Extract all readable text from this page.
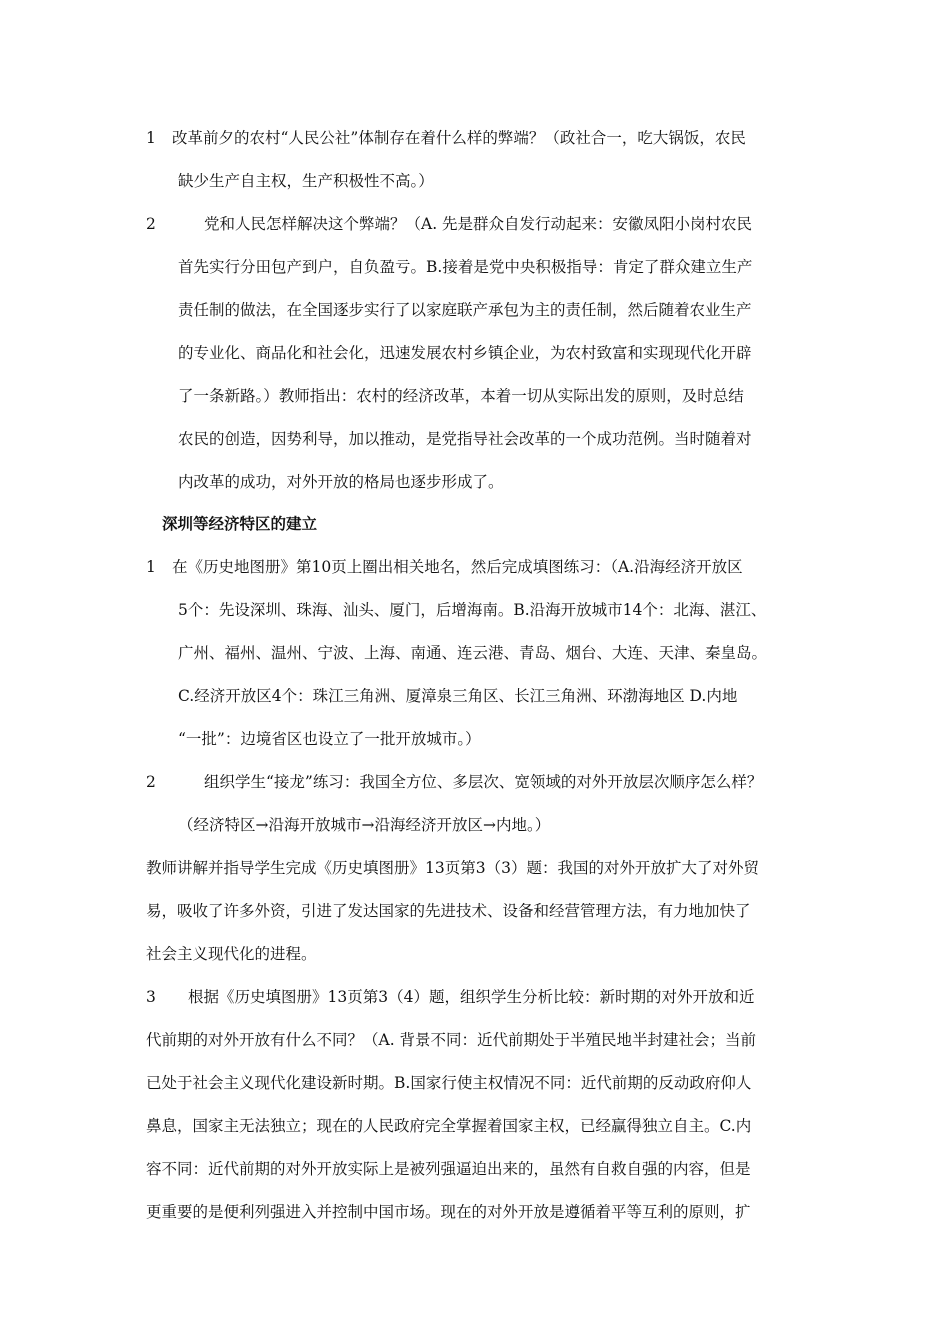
1 改革前夕的农村“人民公社”体制存在着什么样的弊端？（政社合一，吃大锅饭，农民
缺少生产自主权，生产积极性不高。）
2	党和人民怎样解决这个弊端？（A. 先是群众自发行动起来：安徽凤阳小岗村农民
首先实行分田包产到户，自负盈亏。B.接着是党中央积极指导：肯定了群众建立生产
责任制的做法，在全国逐步实行了以家庭联产承包为主的责任制，然后随着农业生产
的专业化、商品化和社会化，迅速发展农村乡镇企业，为农村致富和实现现代化开辟
了一条新路。）教师指出：农村的经济改革，本着一切从实际出发的原则，及时总结
农民的创造，因势利导，加以推动，是党指导社会改革的一个成功范例。当时随着对
内改革的成功，对外开放的格局也逐步形成了。
深圳等经济特区的建立
1 在《历史地图册》第10页上圈出相关地名，然后完成填图练习：（A.沿海经济开放区
5个：先设深圳、珠海、汕头、厦门，后增海南。B.沿海开放城市14个：北海、湛江、
广州、福州、温州、宁波、上海、南通、连云港、青岛、烟台、大连、天津、秦皇岛。
C.经济开放区4个：珠江三角洲、厦漳泉三角区、长江三角洲、环渤海地区 D.内地
“一批”：边境省区也设立了一批开放城市。）
2	组织学生“接龙”练习：我国全方位、多层次、宽领域的对外开放层次顺序怎么样？
（经济特区→沿海开放城市→沿海经济开放区→内地。）
教师讲解并指导学生完成《历史填图册》13页第3（3）题：我国的对外开放扩大了对外贸
易，吸收了许多外资，引进了发达国家的先进技术、设备和经营管理方法，有力地加快了
社会主义现代化的进程。
3 根据《历史填图册》13页第3（4）题，组织学生分析比较：新时期的对外开放和近
代前期的对外开放有什么不同？（A. 背景不同：近代前期处于半殖民地半封建社会；当前
已处于社会主义现代化建设新时期。B.国家行使主权情况不同：近代前期的反动政府仰人
鼻息，国家主无法独立；现在的人民政府完全掌握着国家主权，已经赢得独立自主。C.内
容不同：近代前期的对外开放实际上是被列强逼迫出来的，虽然有自救自强的内容，但是
更重要的是便利列强进入并控制中国市场。现在的对外开放是遵循着平等互利的原则，扩
